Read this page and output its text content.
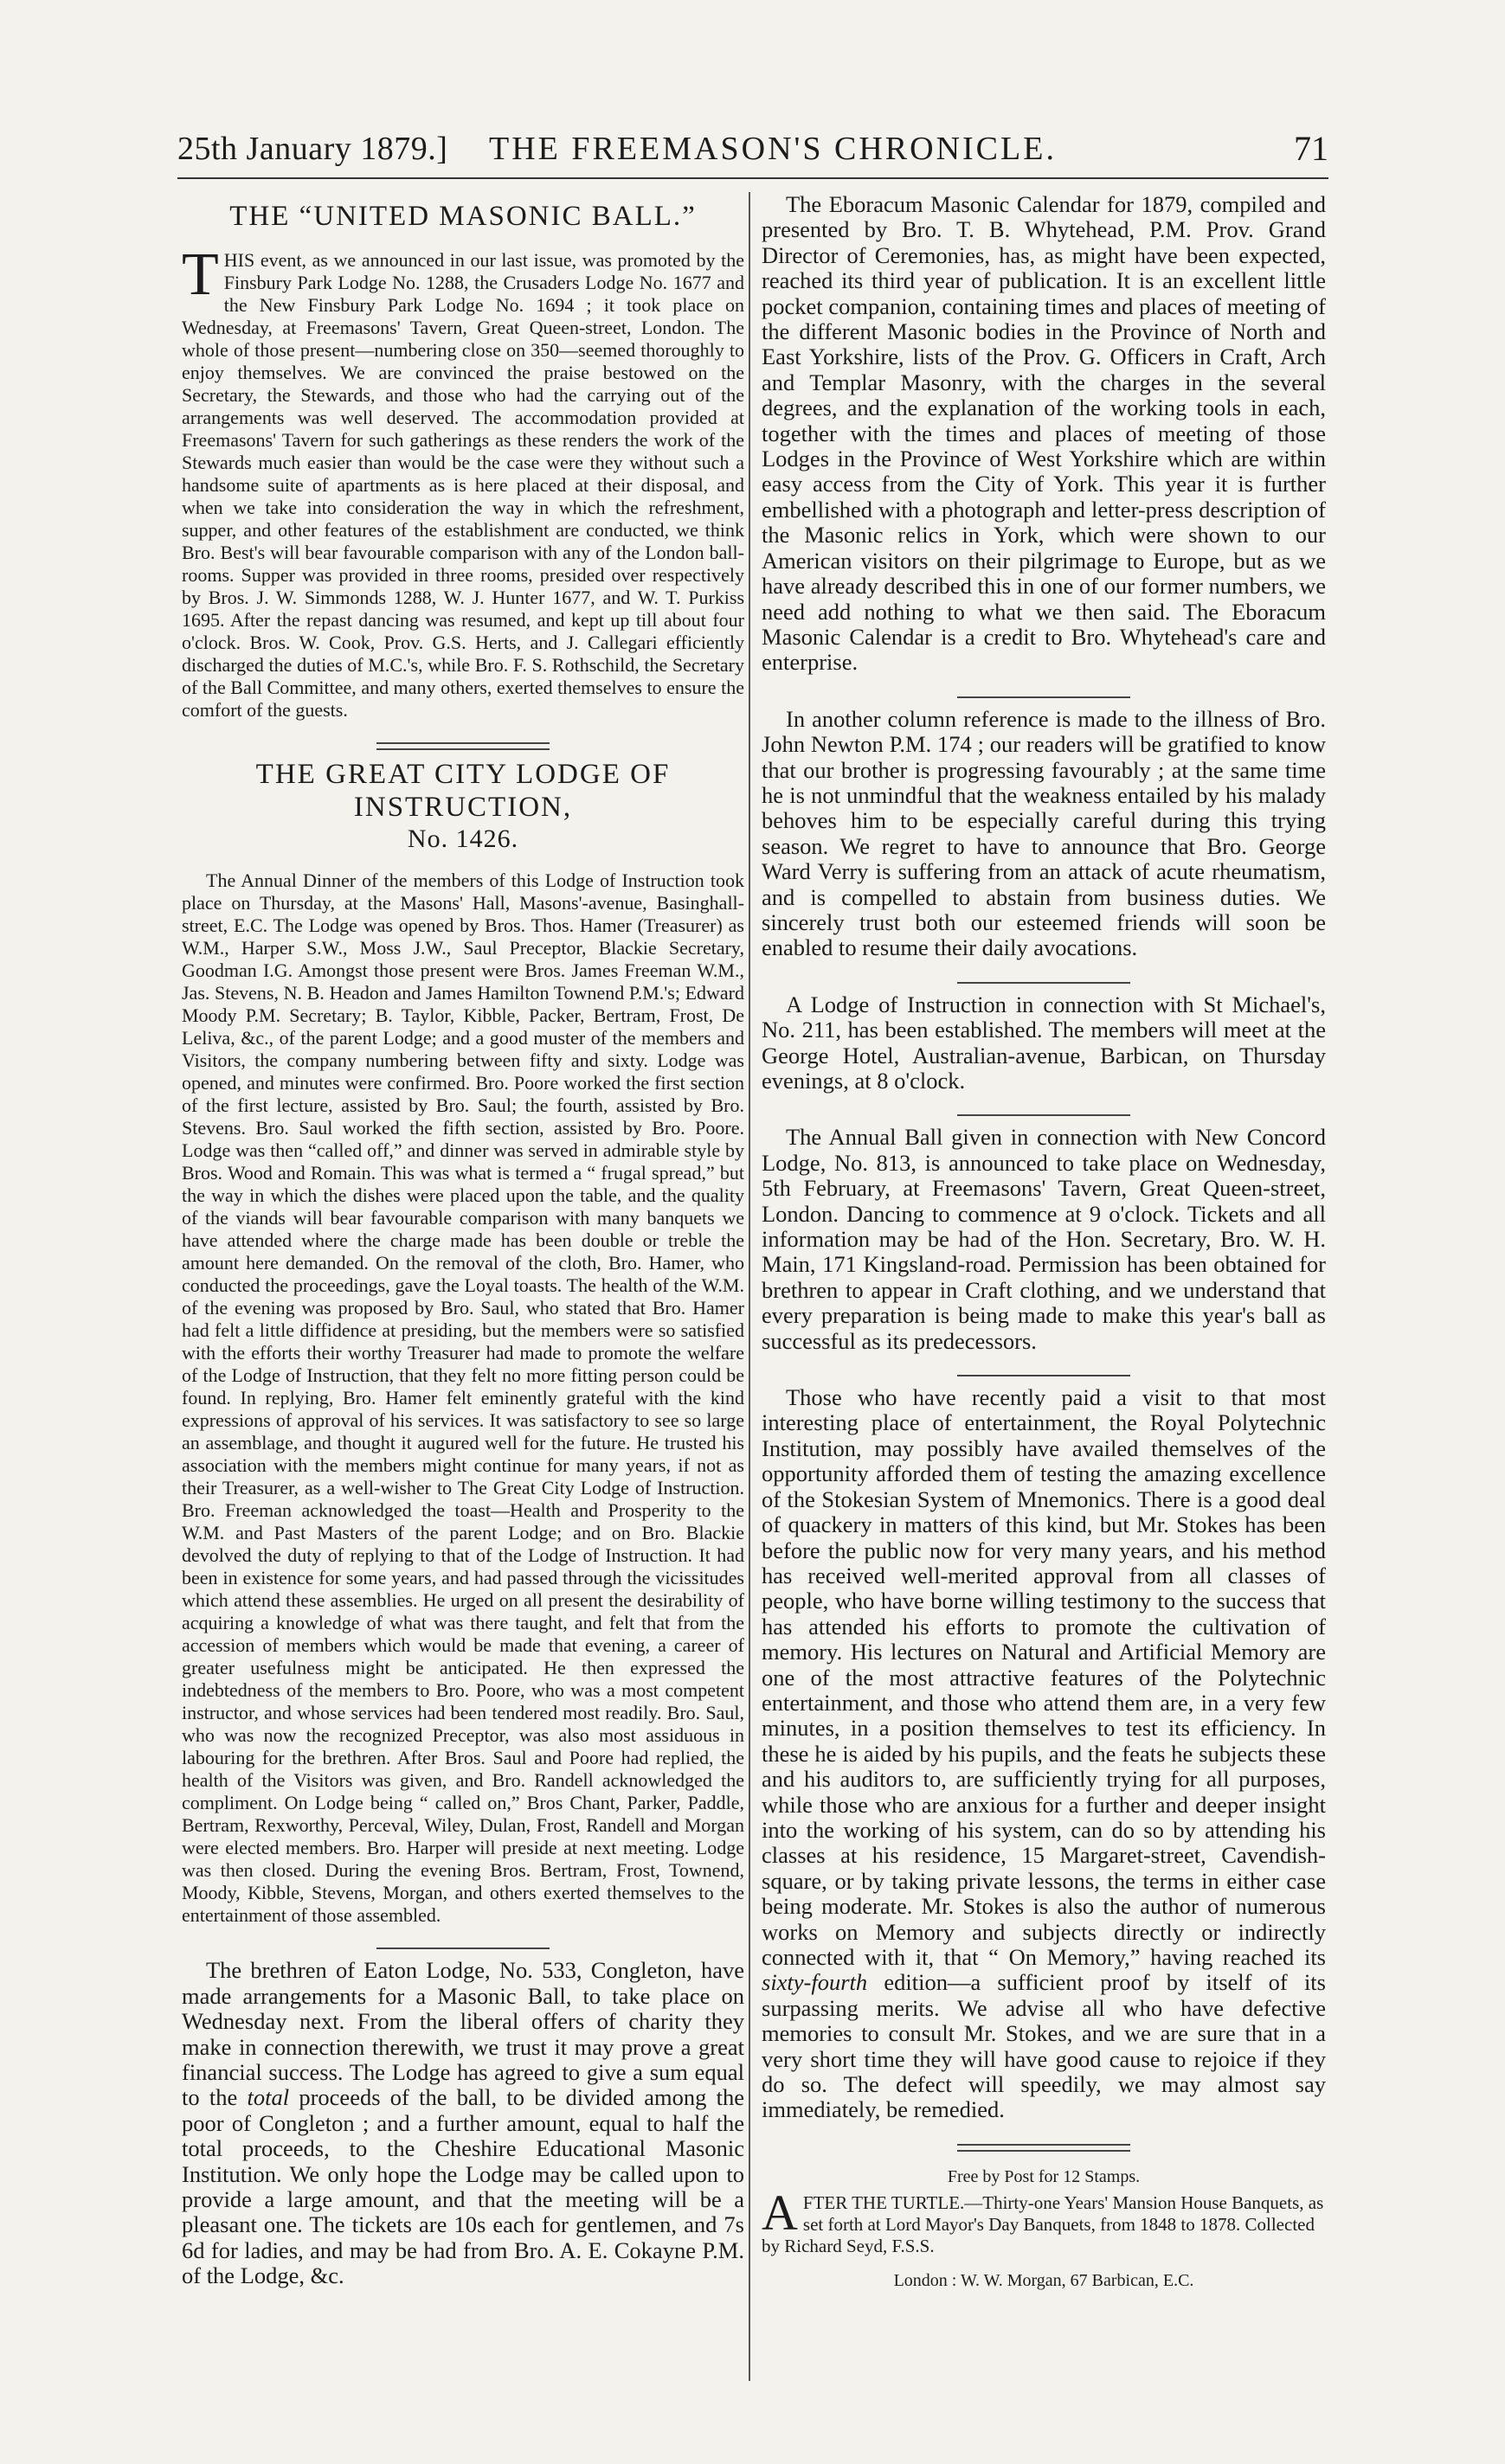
25th January 1879.] THE FREEMASON'S CHRONICLE.	71
THE “UNITED MASONIC BALL.”

THIS event, as we announced in our last issue, was promoted by the Finsbury Park Lodge No. 1288, the Crusaders Lodge No. 1677 and the New Finsbury Park Lodge No. 1694 ; it took place on Wednesday, at Freemasons' Tavern, Great Queen-street, London. The whole of those present—numbering close on 350—seemed thoroughly to enjoy themselves. We are convinced the praise bestowed on the Secretary, the Stewards, and those who had the carrying out of the arrangements was well deserved. The accommodation provided at Freemasons' Tavern for such gatherings as these renders the work of the Stewards much easier than would be the case were they without such a handsome suite of apartments as is here placed at their disposal, and when we take into consideration the way in which the refreshment, supper, and other features of the establishment are conducted, we think Bro. Best's will bear favourable comparison with any of the London ball-rooms. Supper was provided in three rooms, presided over respectively by Bros. J. W. Simmonds 1288, W. J. Hunter 1677, and W. T. Purkiss 1695. After the repast dancing was resumed, and kept up till about four o'clock. Bros. W. Cook, Prov. G.S. Herts, and J. Callegari efficiently discharged the duties of M.C.'s, while Bro. F. S. Rothschild, the Secretary of the Ball Committee, and many others, exerted themselves to ensure the comfort of the guests.

THE GREAT CITY LODGE OF INSTRUCTION,
No. 1426.

The Annual Dinner of the members of this Lodge of Instruction took place on Thursday, at the Masons' Hall, Masons'-avenue, Basinghall-street, E.C. The Lodge was opened by Bros. Thos. Hamer (Treasurer) as W.M., Harper S.W., Moss J.W., Saul Preceptor, Blackie Secretary, Goodman I.G. Amongst those present were Bros. James Freeman W.M., Jas. Stevens, N. B. Headon and James Hamilton Townend P.M.'s; Edward Moody P.M. Secretary; B. Taylor, Kibble, Packer, Bertram, Frost, De Leliva, &c., of the parent Lodge; and a good muster of the members and Visitors, the company numbering between fifty and sixty. Lodge was opened, and minutes were confirmed. Bro. Poore worked the first section of the first lecture, assisted by Bro. Saul; the fourth, assisted by Bro. Stevens. Bro. Saul worked the fifth section, assisted by Bro. Poore. Lodge was then “called off,” and dinner was served in admirable style by Bros. Wood and Romain. This was what is termed a “ frugal spread,” but the way in which the dishes were placed upon the table, and the quality of the viands will bear favourable comparison with many banquets we have attended where the charge made has been double or treble the amount here demanded. On the removal of the cloth, Bro. Hamer, who conducted the proceedings, gave the Loyal toasts. The health of the W.M. of the evening was proposed by Bro. Saul, who stated that Bro. Hamer had felt a little diffidence at presiding, but the members were so satisfied with the efforts their worthy Treasurer had made to promote the welfare of the Lodge of Instruction, that they felt no more fitting person could be found. In replying, Bro. Hamer felt eminently grateful with the kind expressions of approval of his services. It was satisfactory to see so large an assemblage, and thought it augured well for the future. He trusted his association with the members might continue for many years, if not as their Treasurer, as a well-wisher to The Great City Lodge of Instruction. Bro. Freeman acknowledged the toast—Health and Prosperity to the W.M. and Past Masters of the parent Lodge; and on Bro. Blackie devolved the duty of replying to that of the Lodge of Instruction. It had been in existence for some years, and had passed through the vicissitudes which attend these assemblies. He urged on all present the desirability of acquiring a knowledge of what was there taught, and felt that from the accession of members which would be made that evening, a career of greater usefulness might be anticipated. He then expressed the indebtedness of the members to Bro. Poore, who was a most competent instructor, and whose services had been tendered most readily. Bro. Saul, who was now the recognized Preceptor, was also most assiduous in labouring for the brethren. After Bros. Saul and Poore had replied, the health of the Visitors was given, and Bro. Randell acknowledged the compliment. On Lodge being “ called on,” Bros Chant, Parker, Paddle, Bertram, Rexworthy, Perceval, Wiley, Dulan, Frost, Randell and Morgan were elected members. Bro. Harper will preside at next meeting. Lodge was then closed. During the evening Bros. Bertram, Frost, Townend, Moody, Kibble, Stevens, Morgan, and others exerted themselves to the entertainment of those assembled.

The brethren of Eaton Lodge, No. 533, Congleton, have made arrangements for a Masonic Ball, to take place on Wednesday next. From the liberal offers of charity they make in connection therewith, we trust it may prove a great financial success. The Lodge has agreed to give a sum equal to the total proceeds of the ball, to be divided among the poor of Congleton ; and a further amount, equal to half the total proceeds, to the Cheshire Educational Masonic Institution. We only hope the Lodge may be called upon to provide a large amount, and that the meeting will be a pleasant one. The tickets are 10s each for gentlemen, and 7s 6d for ladies, and may be had from Bro. A. E. Cokayne P.M. of the Lodge, &c.

The Eboracum Masonic Calendar for 1879, compiled and presented by Bro. T. B. Whytehead, P.M. Prov. Grand Director of Ceremonies, has, as might have been expected, reached its third year of publication. It is an excellent little pocket companion, containing times and places of meeting of the different Masonic bodies in the Province of North and East Yorkshire, lists of the Prov. G. Officers in Craft, Arch and Templar Masonry, with the charges in the several degrees, and the explanation of the working tools in each, together with the times and places of meeting of those Lodges in the Province of West Yorkshire which are within easy access from the City of York. This year it is further embellished with a photograph and letter-press description of the Masonic relics in York, which were shown to our American visitors on their pilgrimage to Europe, but as we have already described this in one of our former numbers, we need add nothing to what we then said. The Eboracum Masonic Calendar is a credit to Bro. Whytehead's care and enterprise.

In another column reference is made to the illness of Bro. John Newton P.M. 174 ; our readers will be gratified to know that our brother is progressing favourably ; at the same time he is not unmindful that the weakness entailed by his malady behoves him to be especially careful during this trying season. We regret to have to announce that Bro. George Ward Verry is suffering from an attack of acute rheumatism, and is compelled to abstain from business duties. We sincerely trust both our esteemed friends will soon be enabled to resume their daily avocations.

A Lodge of Instruction in connection with St Michael's, No. 211, has been established. The members will meet at the George Hotel, Australian-avenue, Barbican, on Thursday evenings, at 8 o'clock.

The Annual Ball given in connection with New Concord Lodge, No. 813, is announced to take place on Wednesday, 5th February, at Freemasons' Tavern, Great Queen-street, London. Dancing to commence at 9 o'clock. Tickets and all information may be had of the Hon. Secretary, Bro. W. H. Main, 171 Kingsland-road. Permission has been obtained for brethren to appear in Craft clothing, and we understand that every preparation is being made to make this year's ball as successful as its predecessors.

Those who have recently paid a visit to that most interesting place of entertainment, the Royal Polytechnic Institution, may possibly have availed themselves of the opportunity afforded them of testing the amazing excellence of the Stokesian System of Mnemonics. There is a good deal of quackery in matters of this kind, but Mr. Stokes has been before the public now for very many years, and his method has received well-merited approval from all classes of people, who have borne willing testimony to the success that has attended his efforts to promote the cultivation of memory. His lectures on Natural and Artificial Memory are one of the most attractive features of the Polytechnic entertainment, and those who attend them are, in a very few minutes, in a position themselves to test its efficiency. In these he is aided by his pupils, and the feats he subjects these and his auditors to, are sufficiently trying for all purposes, while those who are anxious for a further and deeper insight into the working of his system, can do so by attending his classes at his residence, 15 Margaret-street, Cavendish-square, or by taking private lessons, the terms in either case being moderate. Mr. Stokes is also the author of numerous works on Memory and subjects directly or indirectly connected with it, that “ On Memory,” having reached its sixty-fourth edition—a sufficient proof by itself of its surpassing merits. We advise all who have defective memories to consult Mr. Stokes, and we are sure that in a very short time they will have good cause to rejoice if they do so. The defect will speedily, we may almost say immediately, be remedied.

Free by Post for 12 Stamps.
AFTER THE TURTLE.—Thirty-one Years' Mansion House Banquets, as set forth at Lord Mayor's Day Banquets, from 1848 to 1878. Collected by Richard Seyd, F.S.S.
London : W. W. Morgan, 67 Barbican, E.C.
